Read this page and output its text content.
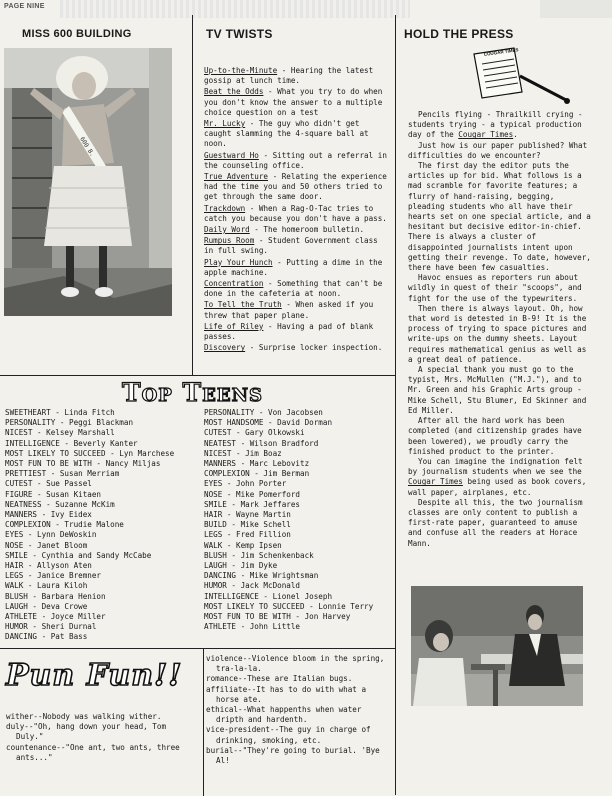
PAGE NINE
MISS 600 BUILDING
600 B.
TV TWISTS

Up-to-the-Minute - Hearing the latest gossip at lunch time.

Beat the Odds - What you try to do when you don't know the answer to a multiple choice question on a test

Mr. Lucky - The guy who didn't get caught slamming the 4-square ball at noon.

Guestward Ho - Sitting out a referral in the counseling office.

True Adventure - Relating the experience had the time you and 50 others tried to get through the same door.

Trackdown - When a Rag-O-Tac tries to catch you because you don't have a pass.

Daily Word - The homeroom bulletin.

Rumpus Room - Student Government class in full swing.

Play Your Hunch - Putting a dime in the apple machine.

Concentration - Something that can't be done in the cafeteria at noon.

To Tell the Truth - When asked if you threw that paper plane.

Life of Riley - Having a pad of blank passes.

Discovery - Surprise locker inspection.

HOLD THE PRESS
COUGAR TIMES

Pencils flying - Thrailkill crying - students trying - a typical production day of the Cougar Times.

Just how is our paper published? What difficulties do we encounter?

The first day the editor puts the articles up for bid. What follows is a mad scramble for favorite features; a flurry of hand-raising, begging, pleading students who all have their hearts set on one special article, and a hesitant but decisive editor-in-chief. There is always a cluster of disappointed journalists intent upon getting their revenge. To date, however, there have been few casualties.

Havoc ensues as reporters run about wildly in quest of their "scoops", and fight for the use of the typewriters.

Then there is always layout. Oh, how that word is detested in B-9! It is the process of trying to space pictures and write-ups on the dummy sheets. Layout requires mathematical genius as well as a great deal of patience.

A special thank you must go to the typist, Mrs. McMullen ("M.J."), and to Mr. Green and his Graphic Arts group - Mike Schell, Stu Blumer, Ed Skinner and Ed Miller.

After all the hard work has been completed (and citizenship grades have been lowered), we proudly carry the finished product to the printer.

You can imagine the indignation felt by journalism students when we see the Cougar Times being used as book covers, wall paper, airplanes, etc.

Despite all this, the two journalism classes are only content to publish a first-rate paper, guaranteed to amuse and confuse all the readers at Horace Mann.

Top Teens

SWEETHEART - Linda Fitch

PERSONALITY - Peggi Blackman

NICEST - Kelsey Marshall

INTELLIGENCE - Beverly Kanter

MOST LIKELY TO SUCCEED - Lyn Marchese

MOST FUN TO BE WITH - Nancy Miljas

PRETTIEST - Susan Merriam

CUTEST - Sue Passel

FIGURE - Susan Kitaen

NEATNESS - Suzanne McKim

MANNERS - Ivy Eidex

COMPLEXION - Trudie Malone

EYES - Lynn DeWoskin

NOSE - Janet Bloom

SMILE - Cynthia and Sandy McCabe

HAIR - Allyson Aten

LEGS - Janice Bremner

WALK - Laura Kiloh

BLUSH - Barbara Henion

LAUGH - Deva Crowe

ATHLETE - Joyce Miller

HUMOR - Sheri Durnal

DANCING - Pat Bass

PERSONALITY - Von Jacobsen

MOST HANDSOME - David Dorman

CUTEST - Gary Olkowski

NEATEST - Wilson Bradford

NICEST - Jim Boaz

MANNERS - Marc Lebovitz

COMPLEXION - Jim Berman

EYES - John Porter

NOSE - Mike Pomerford

SMILE - Mark Jeffares

HAIR - Wayne Martin

BUILD - Mike Schell

LEGS - Fred Fillion

WALK - Kemp Ipsen

BLUSH - Jim Schenkenback

LAUGH - Jim Dyke

DANCING - Mike Wrightsman

HUMOR - Jack McDonald

INTELLIGENCE - Lionel Joseph

MOST LIKELY TO SUCCEED - Lonnie Terry

MOST FUN TO BE WITH - Jon Harvey

ATHLETE - John Little

Pun Fun!!

wither--Nobody was walking wither.

duly--"Oh, hang down your head, Tom Duly."

countenance--"One ant, two ants, three ants..."

violence--Violence bloom in the spring, tra-la-la.

romance--These are Italian bugs.

affiliate--It has to do with what a horse ate.

ethical--What happenths when water dripth and hardenth.

vice-president--The guy in charge of drinking, smoking, etc.

burial--"They're going to burial. 'Bye Al!
